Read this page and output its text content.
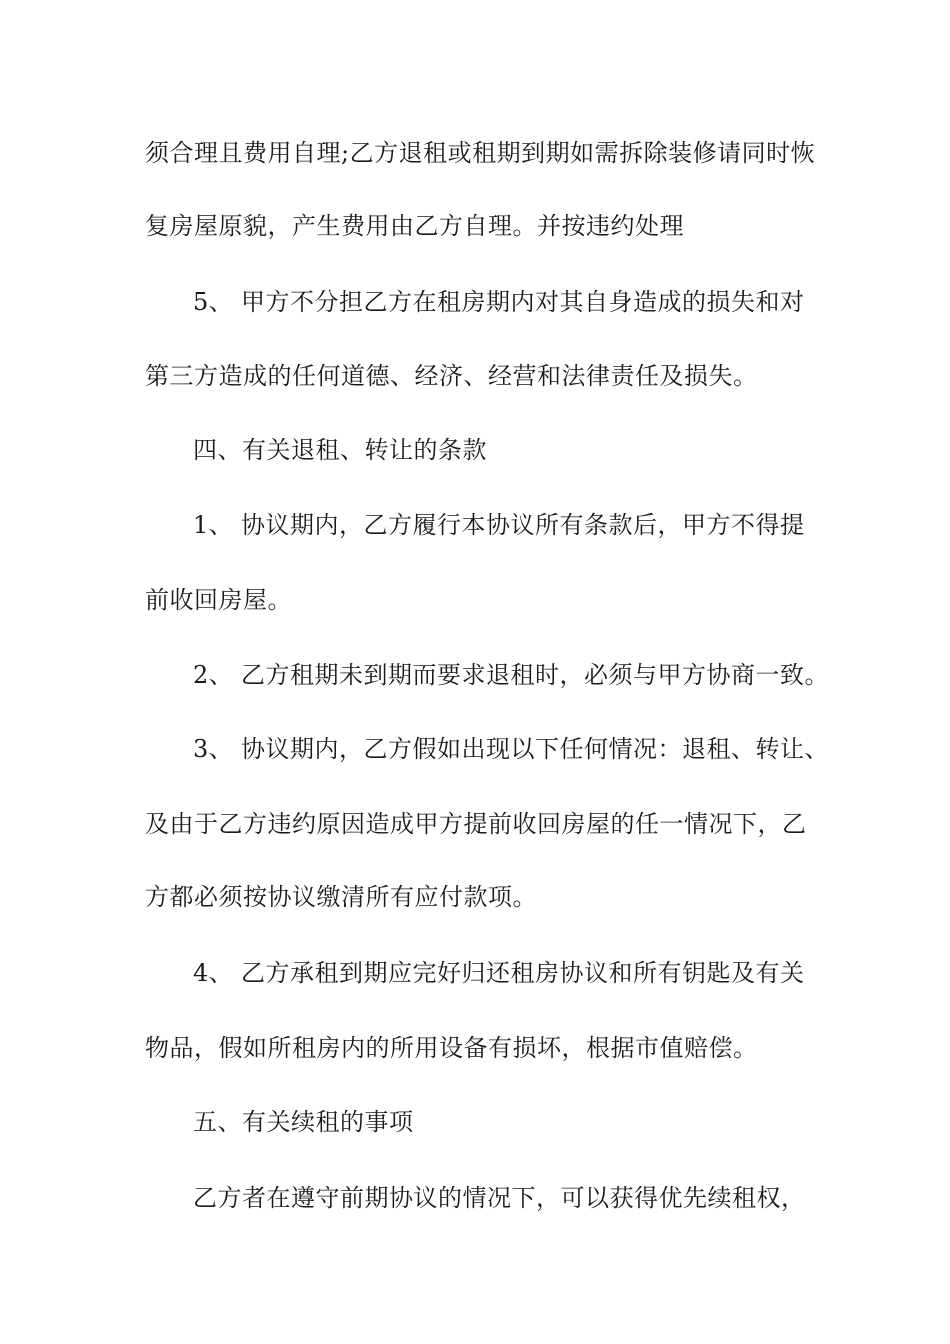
须合理且费用自理;乙方退租或租期到期如需拆除装修请同时恢
复房屋原貌，产生费用由乙方自理。并按违约处理
5、 甲方不分担乙方在租房期内对其自身造成的损失和对
第三方造成的任何道德、经济、经营和法律责任及损失。
四、有关退租、转让的条款
1、 协议期内，乙方履行本协议所有条款后，甲方不得提
前收回房屋。
2、 乙方租期未到期而要求退租时，必须与甲方协商一致。
3、 协议期内，乙方假如出现以下任何情况：退租、转让、
及由于乙方违约原因造成甲方提前收回房屋的任一情况下，乙
方都必须按协议缴清所有应付款项。
4、 乙方承租到期应完好归还租房协议和所有钥匙及有关
物品，假如所租房内的所用设备有损坏，根据市值赔偿。
五、有关续租的事项
乙方者在遵守前期协议的情况下，可以获得优先续租权，
